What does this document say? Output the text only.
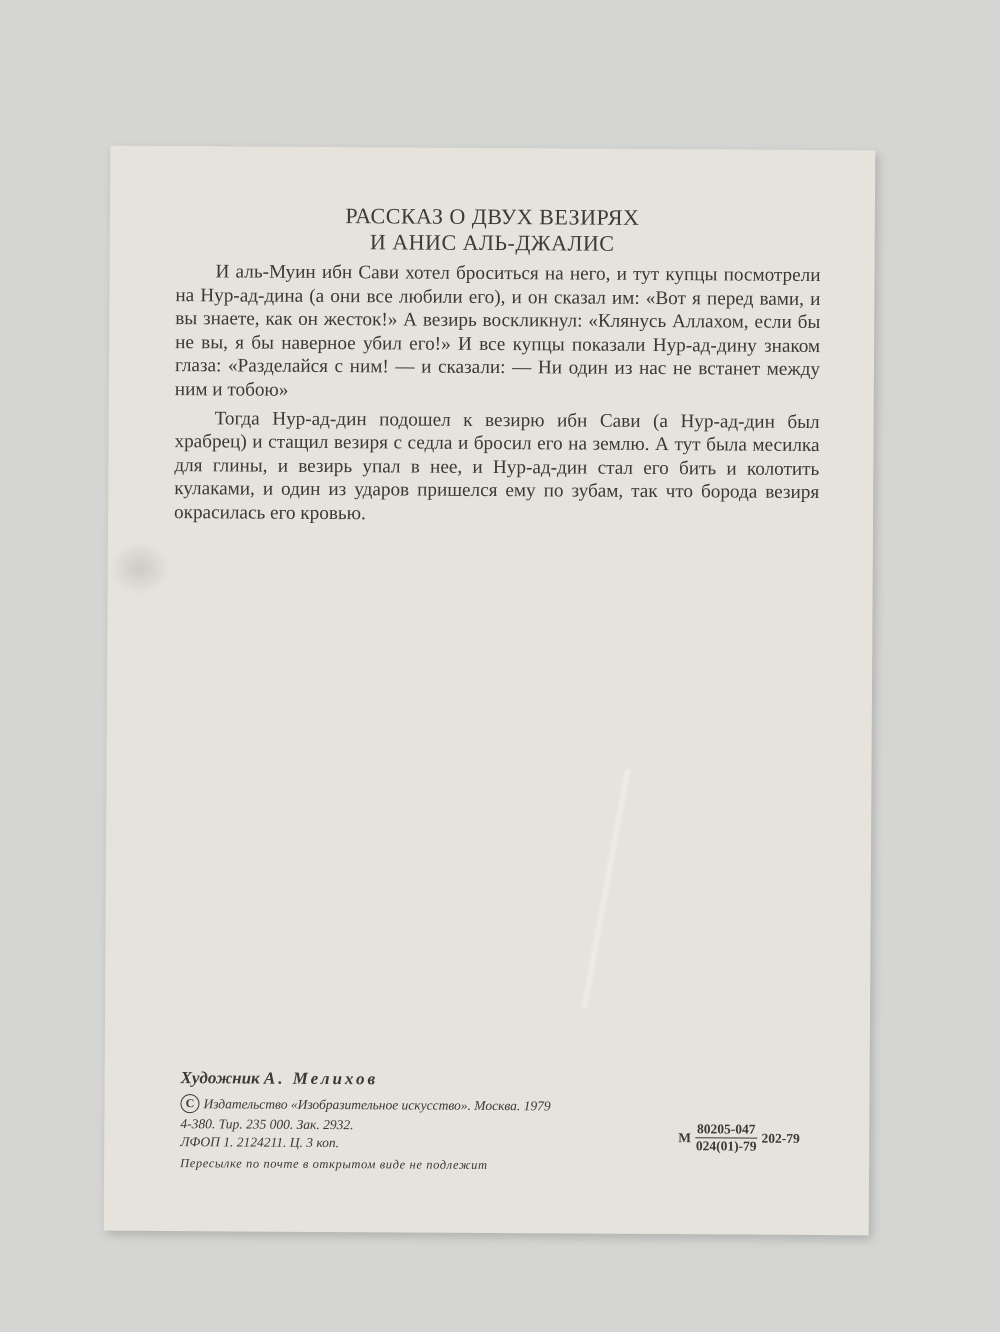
РАССКАЗ О ДВУХ ВЕЗИРЯХ
И АНИС АЛЬ-ДЖАЛИС

И аль-Муин ибн Сави хотел броситься на него, и тут купцы посмотрели на Нур-ад-дина (а они все любили его), и он сказал им: «Вот я перед вами, и вы знаете, как он жесток!» А везирь воскликнул: «Клянусь Аллахом, если бы не вы, я бы наверное убил его!» И все купцы показали Нур-ад-дину знаком глаза: «Разделайся с ним! — и сказали: — Ни один из нас не встанет между ним и тобою»

Тогда Нур-ад-дин подошел к везирю ибн Сави (а Нур-ад-дин был храбрец) и стащил везиря с седла и бросил его на землю. А тут была месилка для глины, и везирь упал в нее, и Нур-ад-дин стал его бить и колотить кулаками, и один из ударов пришелся ему по зубам, так что борода везиря окрасилась его кровью.

Художник А. Мелихов
C Издательство «Изобразительное искусство». Москва. 1979
4-380. Тир. 235 000. Зак. 2932.
ЛФОП 1. 2124211. Ц. 3 коп.	М $\frac{80205-047}{024(01)-79} 202-79$
Пересылке по почте в открытом виде не подлежит
